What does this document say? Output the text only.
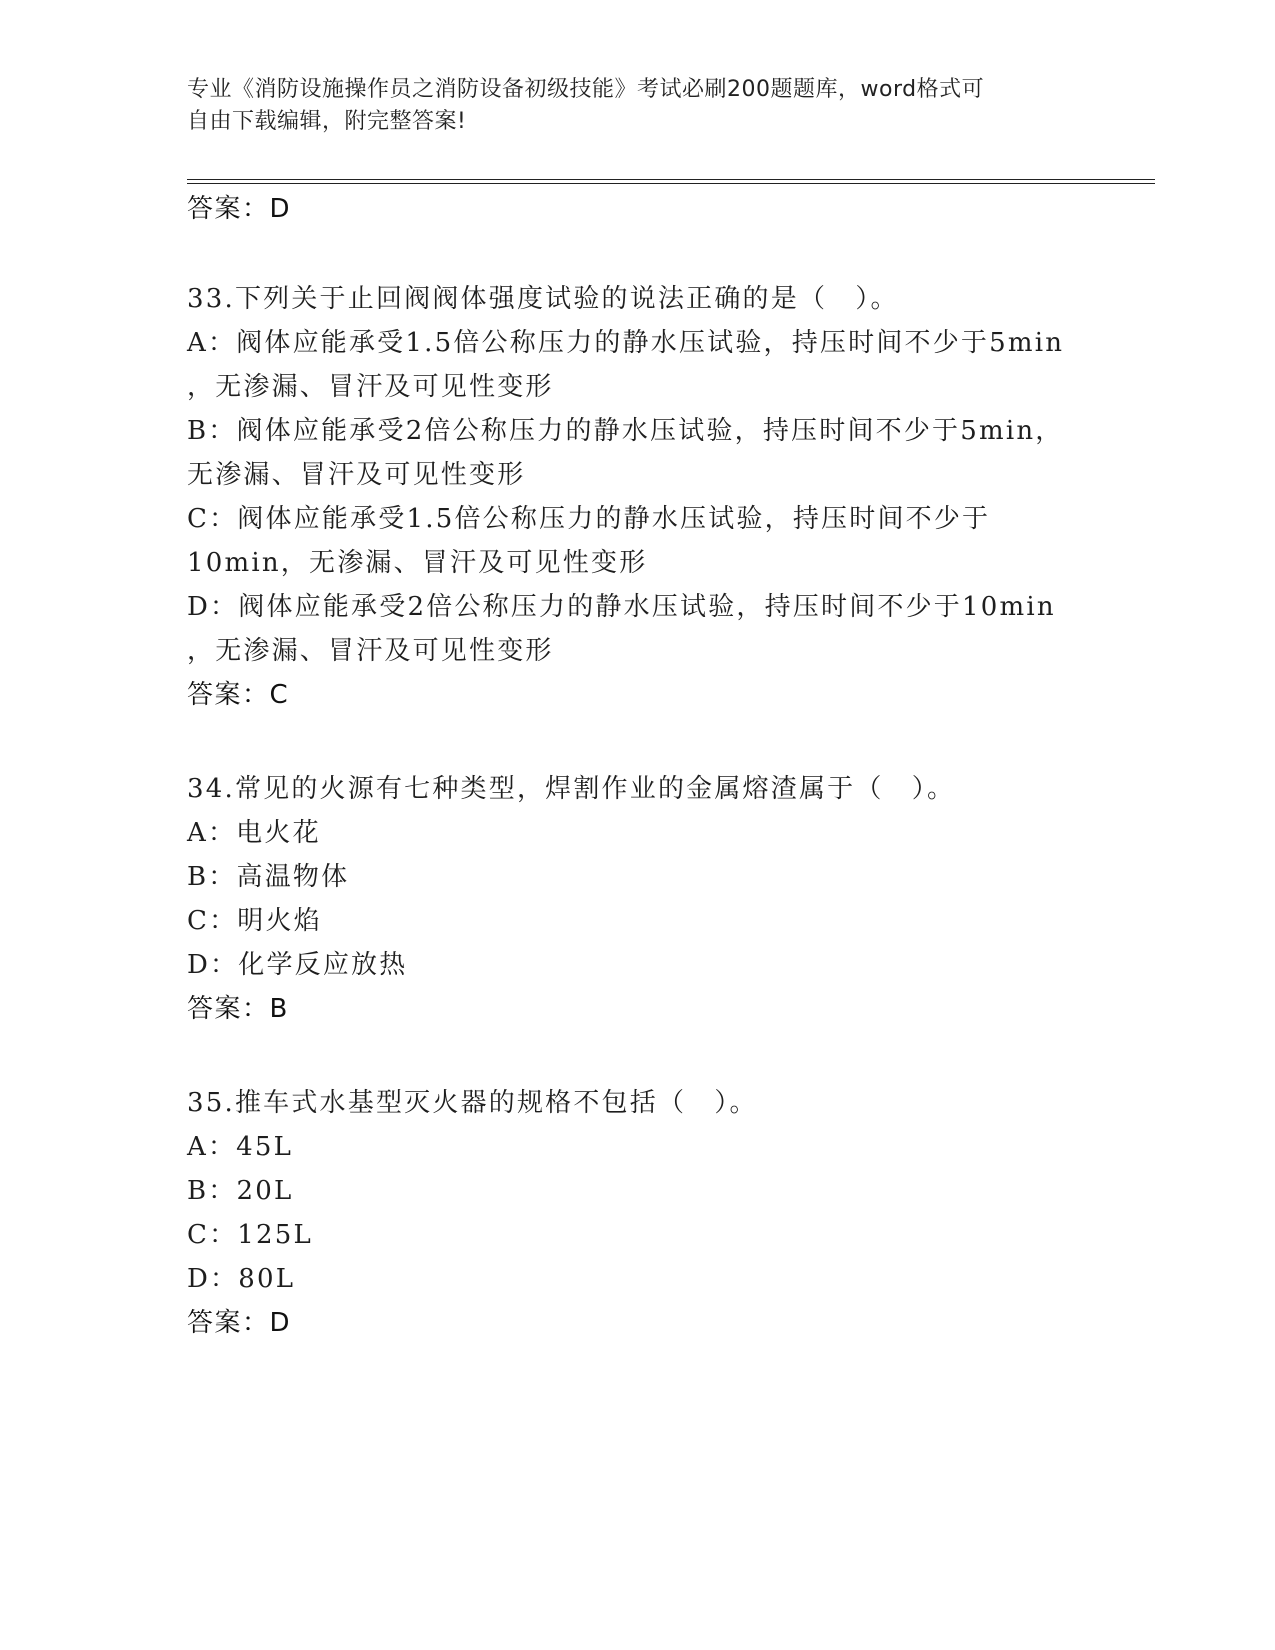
专业《消防设施操作员之消防设备初级技能》考试必刷200题题库，word格式可
自由下载编辑，附完整答案!
答案：D
33.下列关于止回阀阀体强度试验的说法正确的是（　）。
A：阀体应能承受1.5倍公称压力的静水压试验，持压时间不少于5min
，无渗漏、冒汗及可见性变形
B：阀体应能承受2倍公称压力的静水压试验，持压时间不少于5min，
无渗漏、冒汗及可见性变形
C：阀体应能承受1.5倍公称压力的静水压试验，持压时间不少于
10min，无渗漏、冒汗及可见性变形
D：阀体应能承受2倍公称压力的静水压试验，持压时间不少于10min
，无渗漏、冒汗及可见性变形
答案：C
34.常见的火源有七种类型，焊割作业的金属熔渣属于（　）。
A：电火花
B：高温物体
C：明火焰
D：化学反应放热
答案：B
35.推车式水基型灭火器的规格不包括（　）。
A：45L
B：20L
C：125L
D：80L
答案：D
